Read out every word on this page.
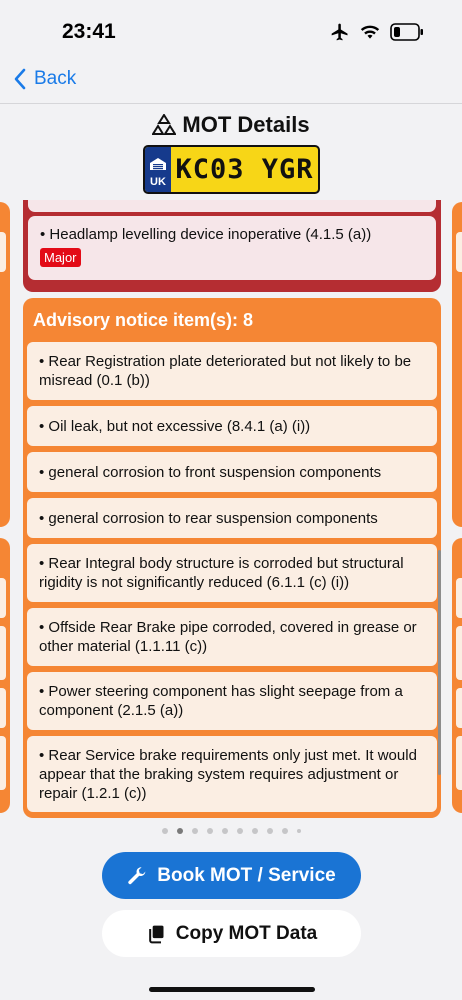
23:41
Back
MOT Details
UK KC03 YGR
• Headlamp levelling device inoperative (4.1.5 (a))
Major
Advisory notice item(s): 8
• Rear Registration plate deteriorated but not likely to be misread (0.1 (b))
• Oil leak, but not excessive (8.4.1 (a) (i))
• general corrosion to front suspension components
• general corrosion to rear suspension components
• Rear Integral body structure is corroded but structural rigidity is not significantly reduced (6.1.1 (c) (i))
• Offside Rear Brake pipe corroded, covered in grease or other material (1.1.11 (c))
• Power steering component has slight seepage from a component (2.1.5 (a))
• Rear Service brake requirements only just met. It would appear that the braking system requires adjustment or repair (1.2.1 (c))
Book MOT / Service
Copy MOT Data
